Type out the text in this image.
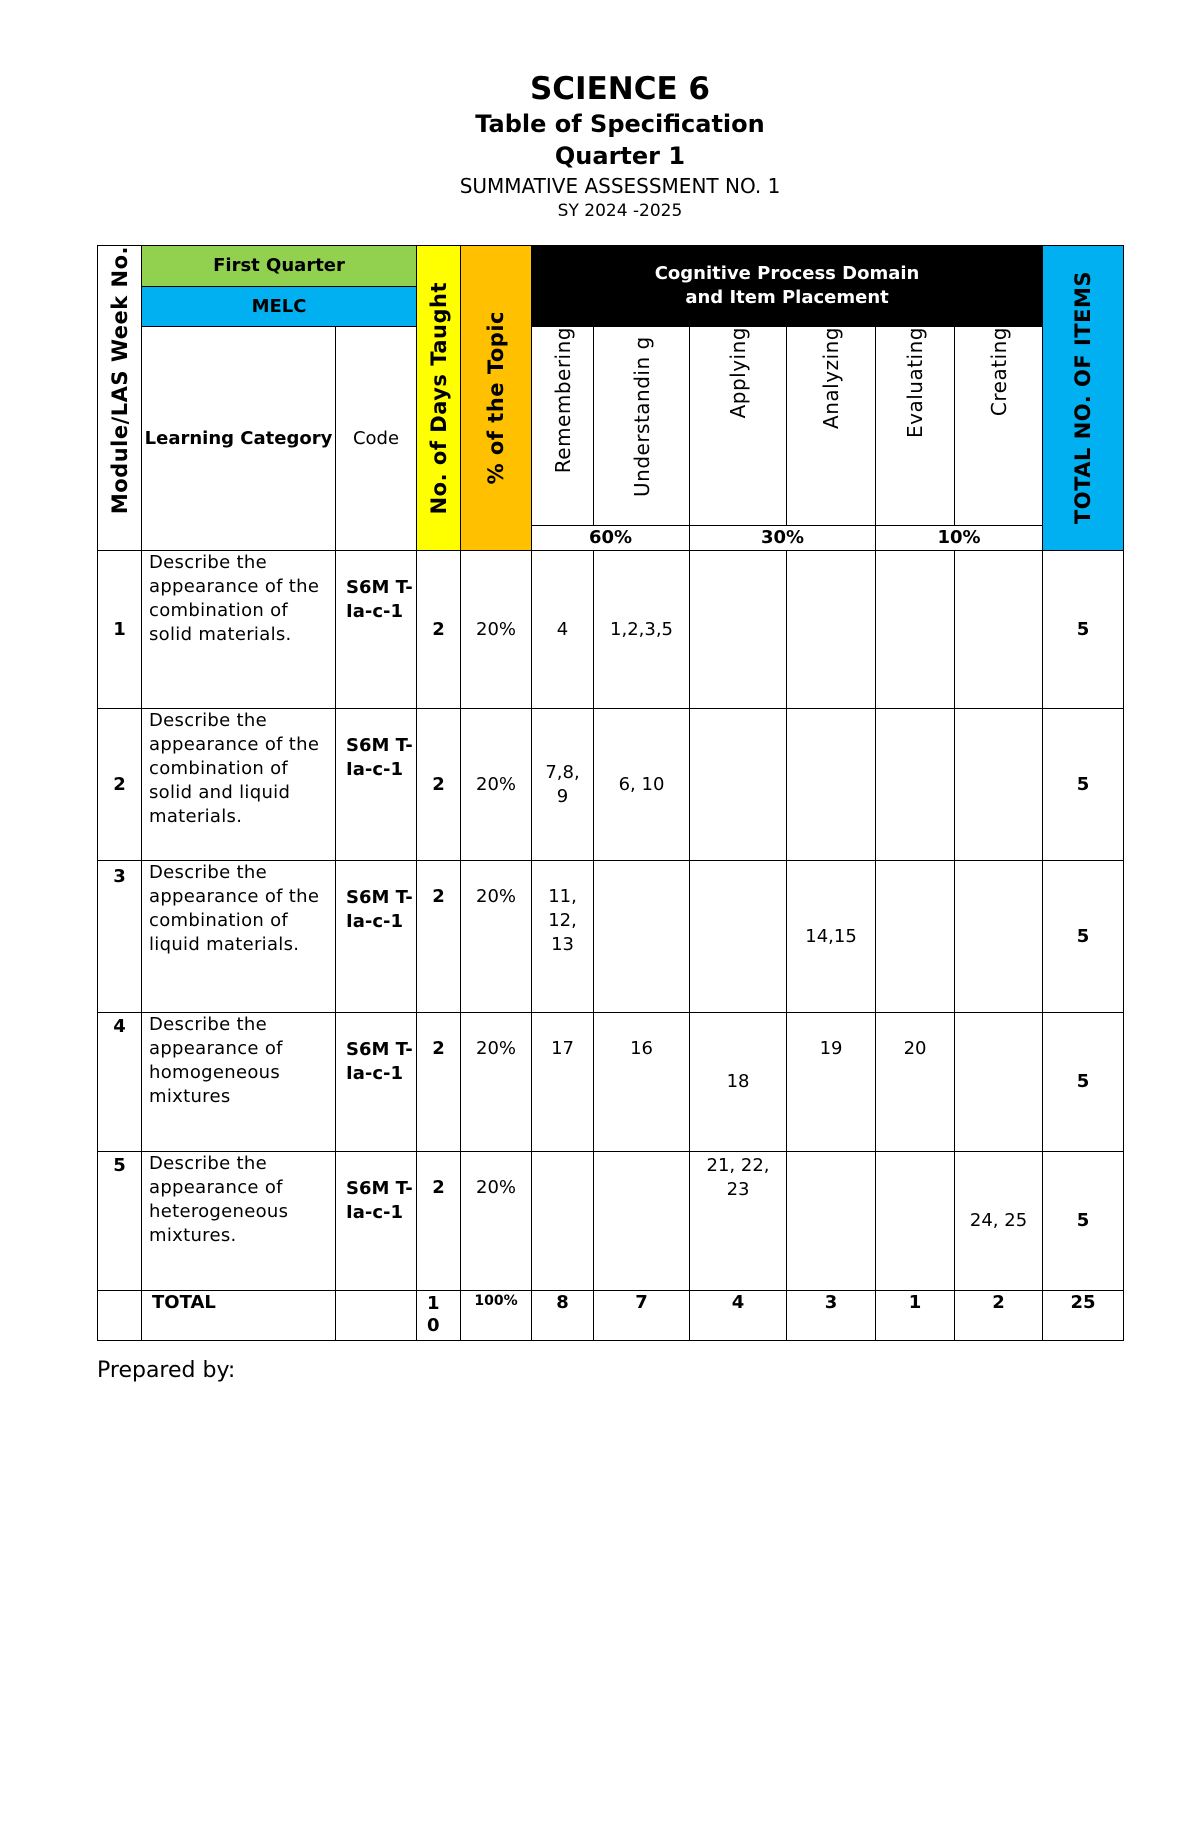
SCIENCE 6
Table of Specification
Quarter 1
SUMMATIVE ASSESSMENT NO. 1
SY 2024 -2025
Module/LAS Week No.	First Quarter		No. of Days Taught	% of the Topic	Cognitive Process Domain
and Item Placement						TOTAL NO. OF ITEMS

	MELC										
	Learning Category	Code			Remembering	Understandin g	Applying	Analyzing	Evaluating	Creating	

					60%		30%		10%		
1	Describe the appearance of the combination of solid materials.	S6M T-Ia-c-1	2	20%	4	1,2,3,5					5
2	Describe the appearance of the combination of solid and liquid materials.	S6M T-Ia-c-1	2	20%	7,8, 9	6, 10					5
3	Describe the appearance of the combination of liquid materials.	S6M T-Ia-c-1	2	20%	11, 12, 13			14,15			5
4	Describe the appearance of homogeneous mixtures	S6M T-Ia-c-1	2	20%	17	16	18	19	20		5
5	Describe the appearance of heterogeneous mixtures.	S6M T-Ia-c-1	2	20%			21, 22, 23			24, 25	5
	TOTAL		10	100%	8	7	4	3	1	2	25
Prepared by:
